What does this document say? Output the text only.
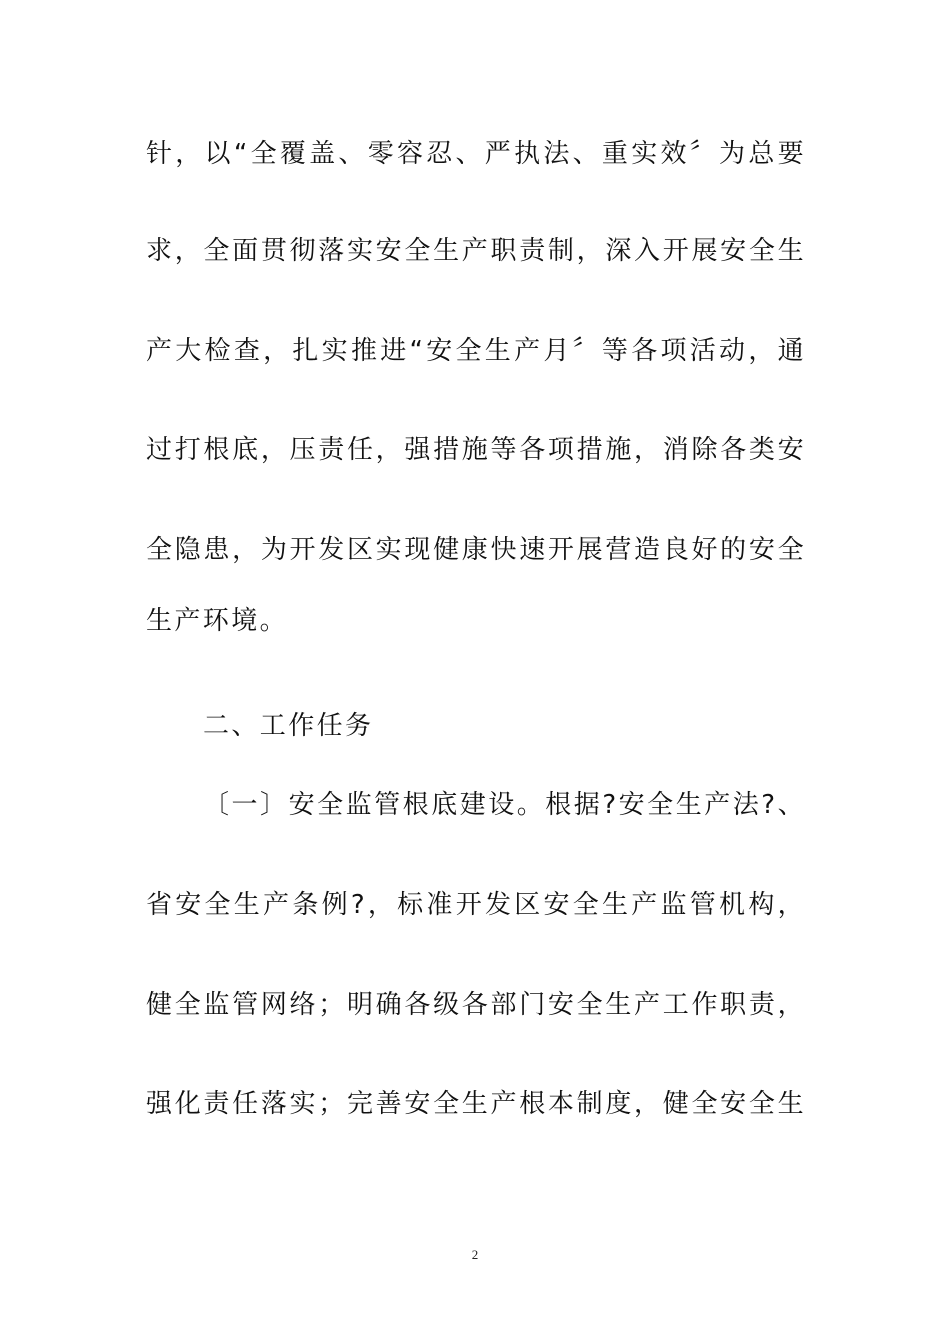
针，以“全覆盖、零容忍、严执法、重实效〞为总要
求，全面贯彻落实安全生产职责制，深入开展安全生
产大检查，扎实推进“安全生产月〞等各项活动，通
过打根底，压责任，强措施等各项措施，消除各类安
全隐患，为开发区实现健康快速开展营造良好的安全
生产环境。
二、工作任务
〔一〕安全监管根底建设。根据?安全生产法?、
省安全生产条例?，标准开发区安全生产监管机构，
健全监管网络；明确各级各部门安全生产工作职责，
强化责任落实；完善安全生产根本制度，健全安全生
2
